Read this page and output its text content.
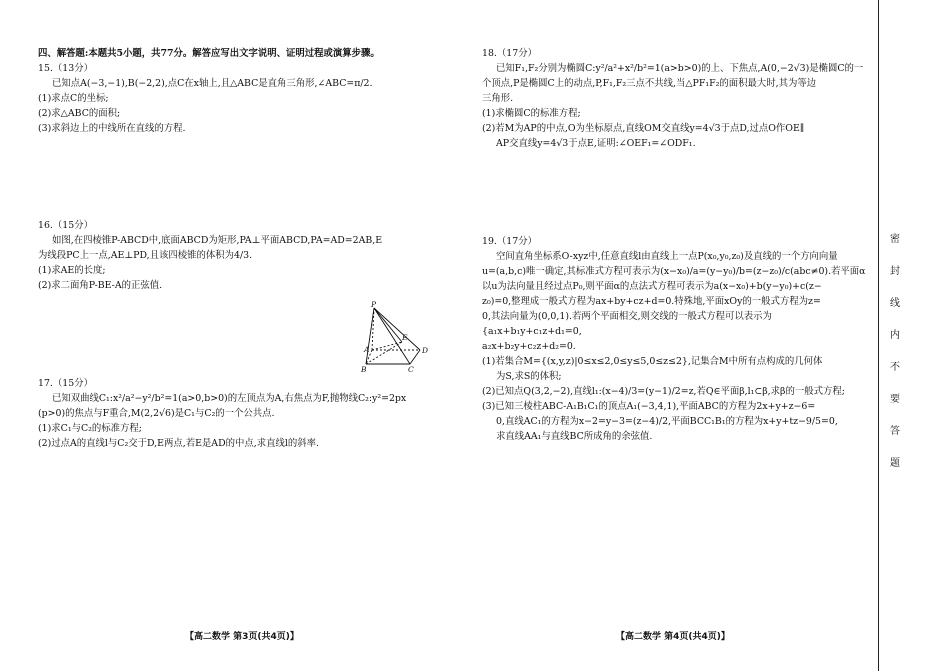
四、解答题:本题共5小题，共77分。解答应写出文字说明、证明过程或演算步骤。
15.（13分）
已知点A(−3,−1),B(−2,2),点C在x轴上,且△ABC是直角三角形,∠ABC=π/2.
(1)求点C的坐标;
(2)求△ABC的面积;
(3)求斜边上的中线所在直线的方程.
16.（15分）
如图,在四棱锥P-ABCD中,底面ABCD为矩形,PA⊥平面ABCD,PA=AD=2AB,E
为线段PC上一点,AE⊥PD,且该四棱锥的体积为4/3.
(1)求AE的长度;
(2)求二面角P-BE-A的正弦值.
17.（15分）
已知双曲线C₁:x²/a²−y²/b²=1(a>0,b>0)的左顶点为A,右焦点为F,抛物线C₂:y²=2px
(p>0)的焦点与F重合,M(2,2√6)是C₁与C₂的一个公共点.
(1)求C₁与C₂的标准方程;
(2)过点A的直线l与C₂交于D,E两点,若E是AD的中点,求直线l的斜率.
P
A
B	C
D
E
18.（17分）
已知F₁,F₂分别为椭圆C:y²/a²+x²/b²=1(a>b>0)的上、下焦点,A(0,−2√3)是椭圆C的一
个顶点,P是椭圆C上的动点,P,F₁,F₂三点不共线,当△PF₁F₂的面积最大时,其为等边
三角形.
(1)求椭圆C的标准方程;
(2)若M为AP的中点,O为坐标原点,直线OM交直线y=4√3于点D,过点O作OE∥
AP交直线y=4√3于点E,证明:∠OEF₁=∠ODF₁.
19.（17分）
空间直角坐标系O-xyz中,任意直线l由直线上一点P(x₀,y₀,z₀)及直线的一个方向向量
u=(a,b,c)唯一确定,其标准式方程可表示为(x−x₀)/a=(y−y₀)/b=(z−z₀)/c(abc≠0).若平面α
以u为法向量且经过点P₀,则平面α的点法式方程可表示为a(x−x₀)+b(y−y₀)+c(z−
z₀)=0,整理成一般式方程为ax+by+cz+d=0.特殊地,平面xOy的一般式方程为z=
0,其法向量为(0,0,1).若两个平面相交,则交线的一般式方程可以表示为
{a₁x+b₁y+c₁z+d₁=0,
a₂x+b₂y+c₂z+d₂=0.
(1)若集合M={(x,y,z)|0≤x≤2,0≤y≤5,0≤z≤2},记集合M中所有点构成的几何体
为S,求S的体积;
(2)已知点Q(3,2,−2),直线l₁:(x−4)/3=(y−1)/2=z,若Q∈平面β,l₁⊂β,求β的一般式方程;
(3)已知三棱柱ABC-A₁B₁C₁的顶点A₁(−3,4,1),平面ABC的方程为2x+y+z−6=
0,直线AC₁的方程为x−2=y−3=(z−4)/2,平面BCC₁B₁的方程为x+y+tz−9/5=0,
求直线AA₁与直线BC所成角的余弦值.
【高二数学 第3页(共4页)】	【高二数学 第4页(共4页)】
密
封
线
内
不
要
答
题
